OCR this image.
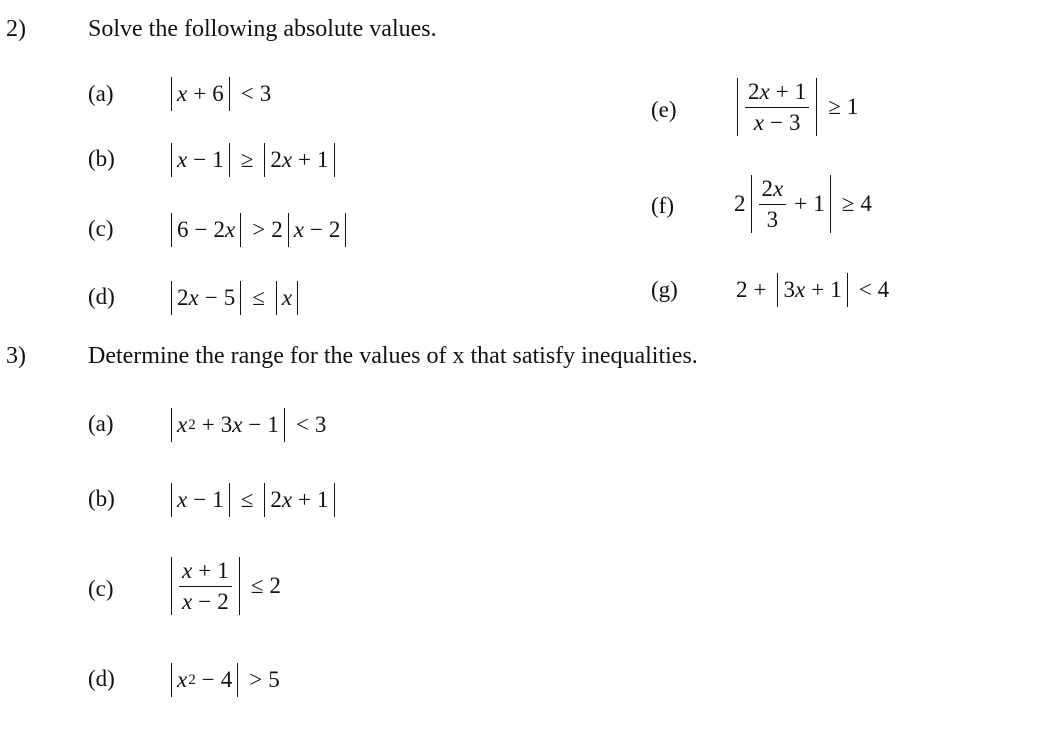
2)	Solve the following absolute values.
(a)	x + 6 < 3
(b)	x − 1 ≥ 2 x + 1
(c)	6 − 2 x > 2 x − 2
(d)	2 x − 5 ≤ x
(e)	$\frac{2x + 1}{x - 3} \ge 1$
(f)	$2 \frac{2x}{3} + 1 \ge 4$
(g)	2 + 3 x + 1 < 4
3)	Determine the range for the values of x that satisfy inequalities.
(a)	x 2 + 3 x − 1 < 3
(b)	x − 1 ≤ 2 x + 1
(c)	$\frac{x + 1}{x - 2} \le 2$
(d)	x 2 − 4 > 5
